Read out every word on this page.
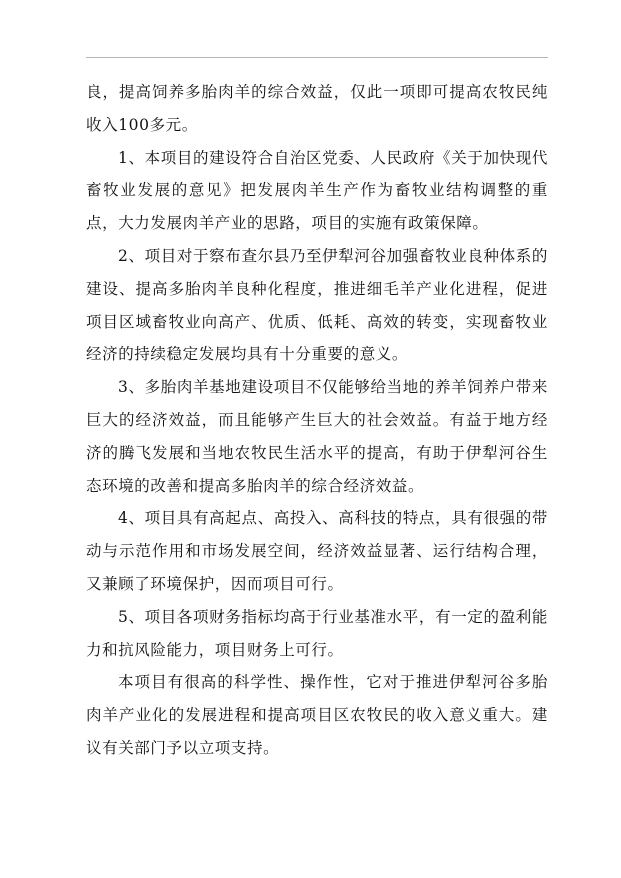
良，提高饲养多胎肉羊的综合效益，仅此一项即可提高农牧民纯收入100多元。

1、本项目的建设符合自治区党委、人民政府《关于加快现代畜牧业发展的意见》把发展肉羊生产作为畜牧业结构调整的重点，大力发展肉羊产业的思路，项目的实施有政策保障。

2、项目对于察布查尔县乃至伊犁河谷加强畜牧业良种体系的建设、提高多胎肉羊良种化程度，推进细毛羊产业化进程，促进项目区域畜牧业向高产、优质、低耗、高效的转变，实现畜牧业经济的持续稳定发展均具有十分重要的意义。

3、多胎肉羊基地建设项目不仅能够给当地的养羊饲养户带来巨大的经济效益，而且能够产生巨大的社会效益。有益于地方经济的腾飞发展和当地农牧民生活水平的提高，有助于伊犁河谷生态环境的改善和提高多胎肉羊的综合经济效益。

4、项目具有高起点、高投入、高科技的特点，具有很强的带动与示范作用和市场发展空间，经济效益显著、运行结构合理，又兼顾了环境保护，因而项目可行。

5、项目各项财务指标均高于行业基准水平，有一定的盈利能力和抗风险能力，项目财务上可行。

本项目有很高的科学性、操作性，它对于推进伊犁河谷多胎肉羊产业化的发展进程和提高项目区农牧民的收入意义重大。建议有关部门予以立项支持。
